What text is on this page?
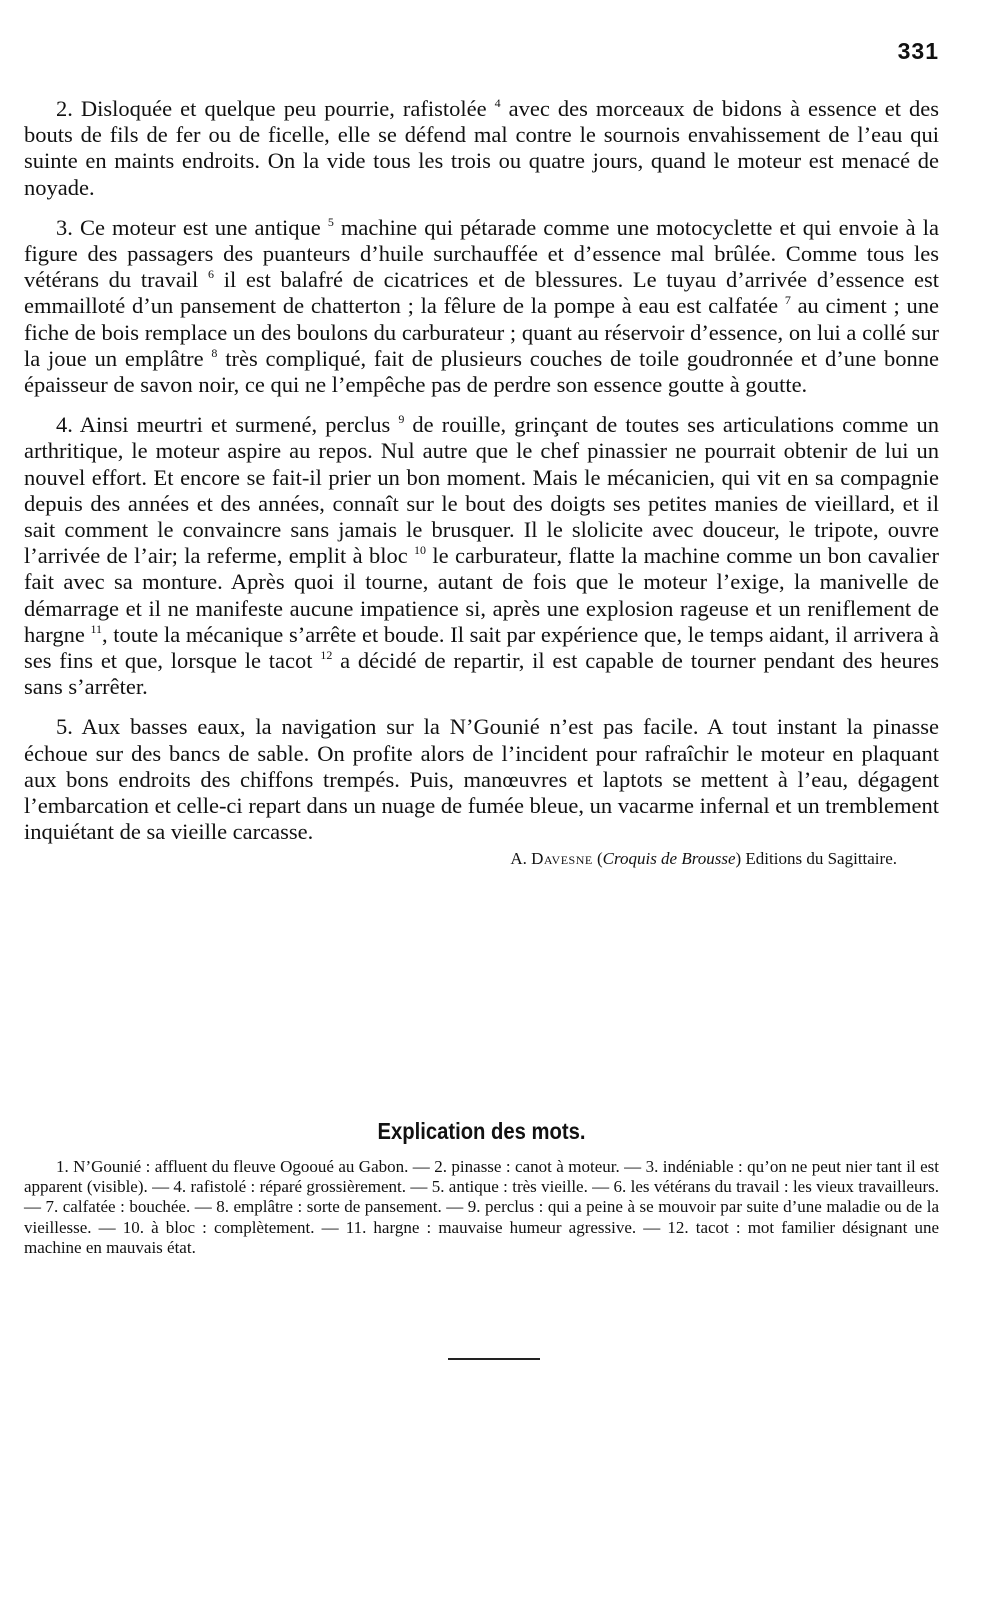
331

2. Disloquée et quelque peu pourrie, rafistolée $^4$ avec des morceaux de bidons à essence et des bouts de fils de fer ou de ficelle, elle se défend mal contre le sournois envahissement de l’eau qui suinte en maints endroits. On la vide tous les trois ou quatre jours, quand le moteur est menacé de noyade.

3. Ce moteur est une antique $^5$ machine qui pétarade comme une motocyclette et qui envoie à la figure des passagers des puanteurs d’huile surchauffée et d’essence mal brûlée. Comme tous les vétérans du travail $^6$ il est balafré de cicatrices et de blessures. Le tuyau d’arrivée d’essence est emmailloté d’un pansement de chatterton ; la fêlure de la pompe à eau est calfatée $^7$ au ciment ; une fiche de bois remplace un des boulons du carburateur ; quant au réservoir d’essence, on lui a collé sur la joue un emplâtre $^8$ très compliqué, fait de plusieurs couches de toile goudronnée et d’une bonne épaisseur de savon noir, ce qui ne l’empêche pas de perdre son essence goutte à goutte.

4. Ainsi meurtri et surmené, perclus $^9$ de rouille, grinçant de toutes ses articulations comme un arthritique, le moteur aspire au repos. Nul autre que le chef pinassier ne pourrait obtenir de lui un nouvel effort. Et encore se fait-il prier un bon moment. Mais le mécanicien, qui vit en sa compagnie depuis des années et des années, connaît sur le bout des doigts ses petites manies de vieillard, et il sait comment le convaincre sans jamais le brusquer. Il le slolicite avec douceur, le tripote, ouvre l’arrivée de l’air; la referme, emplit à bloc $^{10}$ le carburateur, flatte la machine comme un bon cavalier fait avec sa monture. Après quoi il tourne, autant de fois que le moteur l’exige, la manivelle de démarrage et il ne manifeste aucune impatience si, après une explosion rageuse et un reniflement de hargne $^{11}$, toute la mécanique s’arrête et boude. Il sait par expérience que, le temps aidant, il arrivera à ses fins et que, lorsque le tacot $^{12}$ a décidé de repartir, il est capable de tourner pendant des heures sans s’arrêter.

5. Aux basses eaux, la navigation sur la N’Gounié n’est pas facile. A tout instant la pinasse échoue sur des bancs de sable. On profite alors de l’incident pour rafraîchir le moteur en plaquant aux bons endroits des chiffons trempés. Puis, manœuvres et laptots se mettent à l’eau, dégagent l’embarcation et celle-ci repart dans un nuage de fumée bleue, un vacarme infernal et un tremblement inquiétant de sa vieille carcasse.

A. Davesne (Croquis de Brousse) Editions du Sagittaire.
Explication des mots.

1. N’Gounié : affluent du fleuve Ogooué au Gabon. — 2. pinasse : canot à moteur. — 3. indéniable : qu’on ne peut nier tant il est apparent (visible). — 4. rafistolé : réparé grossièrement. — 5. antique : très vieille. — 6. les vétérans du travail : les vieux travailleurs. — 7. calfatée : bouchée. — 8. emplâtre : sorte de pansement. — 9. perclus : qui a peine à se mouvoir par suite d’une maladie ou de la vieillesse. — 10. à bloc : complètement. — 11. hargne : mauvaise humeur agressive. — 12. tacot : mot familier désignant une machine en mauvais état.
